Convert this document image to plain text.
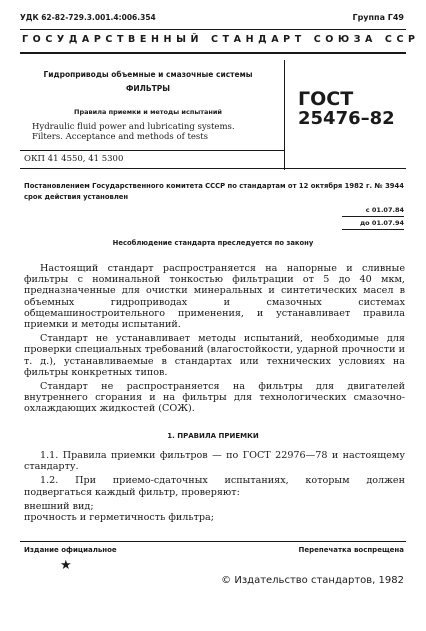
УДК 62-82-729.3.001.4:006.354	Группа Г49
ГОСУДАРСТВЕННЫЙ СТАНДАРТ СОЮЗА ССР
Гидроприводы объемные и смазочные системы
ФИЛЬТРЫ
Правила приемки и методы испытаний
Hydraulic fluid power and lubricating systems.
Filters. Acceptance and methods of tests
ГОСТ
25476–82
ОКП 41 4550, 41 5300
Постановлением Государственного комитета СССР по стандартам от 12 октября 1982 г. № 3944 срок действия установлен
с 01.07.84
до 01.07.94
Несоблюдение стандарта преследуется по закону

Настоящий стандарт распространяется на напорные и сливные фильтры с номинальной тонкостью фильтрации от 5 до 40 мкм, предназначенные для очистки минеральных и синтетических масел в объемных гидроприводах и смазочных системах общемашиностроительного применения, и устанавливает правила приемки и методы испытаний.

Стандарт не устанавливает методы испытаний, необходимые для проверки специальных требований (влагостойкости, ударной прочности и т. д.), устанавливаемые в стандартах или технических условиях на фильтры конкретных типов.

Стандарт не распространяется на фильтры для двигателей внутреннего сгорания и на фильтры для технологических смазочно-охлаждающих жидкостей (СОЖ).

1. ПРАВИЛА ПРИЕМКИ

1.1. Правила приемки фильтров — по ГОСТ 22976—78 и настоящему стандарту.

1.2. При приемо-сдаточных испытаниях, которым должен подвергаться каждый фильтр, проверяют:

внешний вид;

прочность и герметичность фильтра;

Издание официальное	Перепечатка воспрещена
★
© Издательство стандартов, 1982
